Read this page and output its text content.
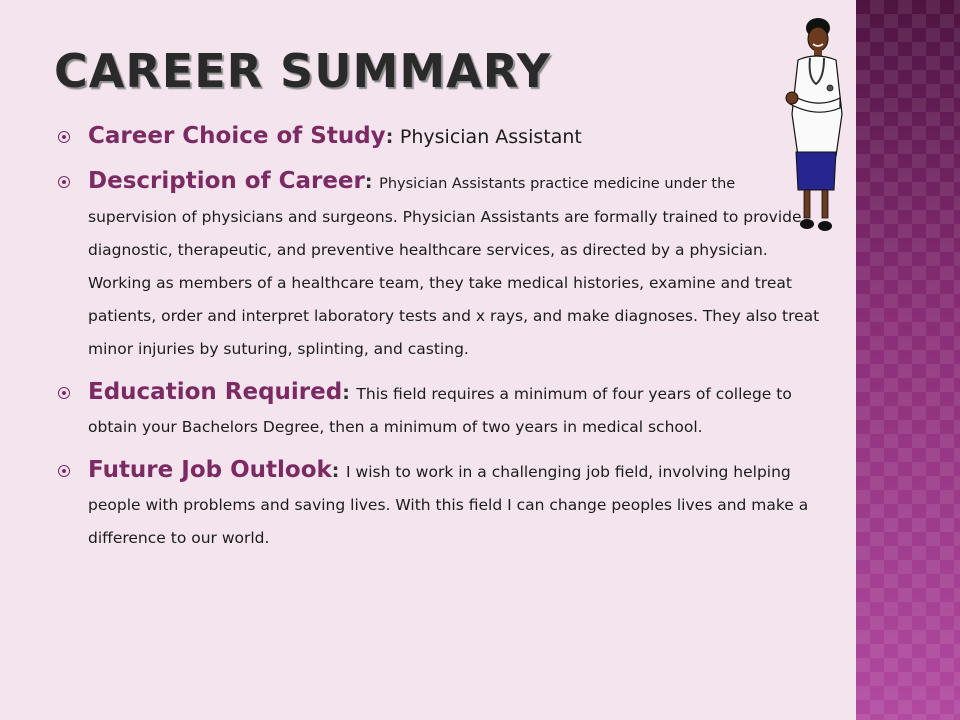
CAREER SUMMARY
Career Choice of Study: Physician Assistant
Description of Career: Physician Assistants practice medicine under the supervision of physicians and surgeons. Physician Assistants are formally trained to provide diagnostic, therapeutic, and preventive healthcare services, as directed by a physician. Working as members of a healthcare team, they take medical histories, examine and treat patients, order and interpret laboratory tests and x rays, and make diagnoses. They also treat minor injuries by suturing, splinting, and casting.
Education Required: This field requires a minimum of four years of college to obtain your Bachelors Degree, then a minimum of two years in medical school.
Future Job Outlook: I wish to work in a challenging job field, involving helping people with problems and saving lives. With this field I can change peoples lives and make a difference to our world.
